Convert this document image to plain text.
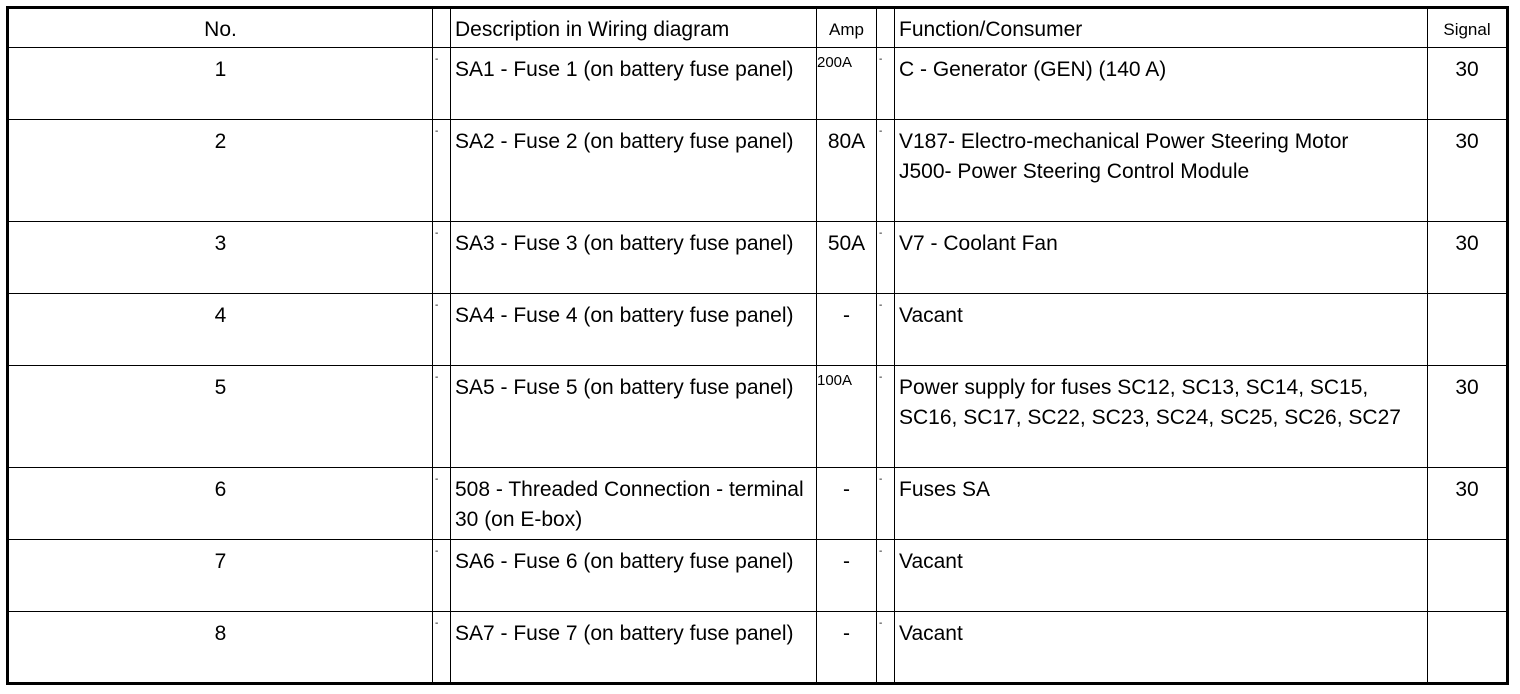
No.		Description in Wiring diagram	Amp		Function/Consumer	Signal
1	-	SA1 - Fuse 1 (on battery fuse panel)	200A	-	C - Generator (GEN) (140 A)	30
2	-	SA2 - Fuse 2 (on battery fuse panel)	80A	-	V187- Electro-mechanical Power Steering Motor
J500- Power Steering Control Module	30
3	-	SA3 - Fuse 3 (on battery fuse panel)	50A	-	V7 - Coolant Fan	30
4	-	SA4 - Fuse 4 (on battery fuse panel)	-	-	Vacant	

5	-	SA5 - Fuse 5 (on battery fuse panel)	100A	-	Power supply for fuses SC12, SC13, SC14, SC15, SC16, SC17, SC22, SC23, SC24, SC25, SC26, SC27	30
6	-	508 - Threaded Connection - terminal 30 (on E-box)	-	-	Fuses SA	30
7	-	SA6 - Fuse 6 (on battery fuse panel)	-	-	Vacant	

8	-	SA7 - Fuse 7 (on battery fuse panel)	-	-	Vacant	
